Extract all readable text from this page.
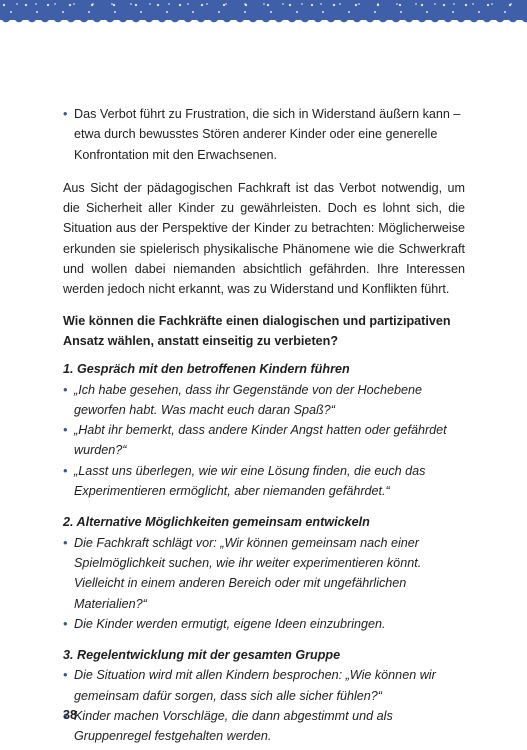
• Das Verbot führt zu Frustration, die sich in Widerstand äußern kann – etwa durch bewusstes Stören anderer Kinder oder eine generelle Konfrontation mit den Erwachsenen.

Aus Sicht der pädagogischen Fachkraft ist das Verbot notwendig, um die Sicherheit aller Kinder zu gewährleisten. Doch es lohnt sich, die Situation aus der Perspektive der Kinder zu betrachten: Möglicherweise erkunden sie spielerisch physikalische Phänomene wie die Schwerkraft und wollen dabei niemanden absichtlich gefährden. Ihre Interessen werden jedoch nicht erkannt, was zu Widerstand und Konflikten führt.

Wie können die Fachkräfte einen dialogischen und partizipativen Ansatz wählen, anstatt einseitig zu verbieten?

1. Gespräch mit den betroffenen Kindern führen

• „Ich habe gesehen, dass ihr Gegenstände von der Hochebene geworfen habt. Was macht euch daran Spaß?“

• „Habt ihr bemerkt, dass andere Kinder Angst hatten oder gefährdet wurden?“

• „Lasst uns überlegen, wie wir eine Lösung finden, die euch das Experimentieren ermöglicht, aber niemanden gefährdet.“

2. Alternative Möglichkeiten gemeinsam entwickeln

• Die Fachkraft schlägt vor: „Wir können gemeinsam nach einer Spielmöglichkeit suchen, wie ihr weiter experimentieren könnt. Vielleicht in einem anderen Bereich oder mit ungefährlichen Materialien?“

• Die Kinder werden ermutigt, eigene Ideen einzubringen.

3. Regelentwicklung mit der gesamten Gruppe

• Die Situation wird mit allen Kindern besprochen: „Wie können wir gemeinsam dafür sorgen, dass sich alle sicher fühlen?“

• Kinder machen Vorschläge, die dann abgestimmt und als Gruppenregel festgehalten werden.

38
